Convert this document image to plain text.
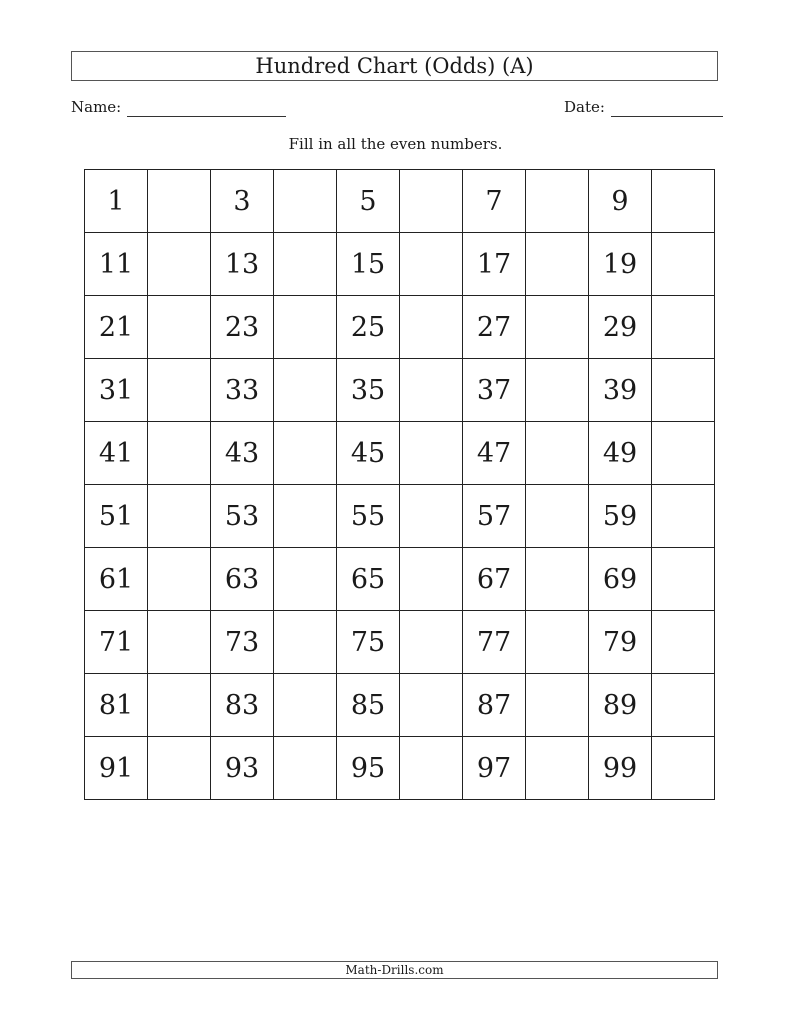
Hundred Chart (Odds) (A)
Name:	Date:
Fill in all the even numbers.
1		3		5		7		9	
11		13		15		17		19	
21		23		25		27		29	
31		33		35		37		39	
41		43		45		47		49	
51		53		55		57		59	
61		63		65		67		69	
71		73		75		77		79	
81		83		85		87		89	
91		93		95		97		99	
Math-Drills.com
